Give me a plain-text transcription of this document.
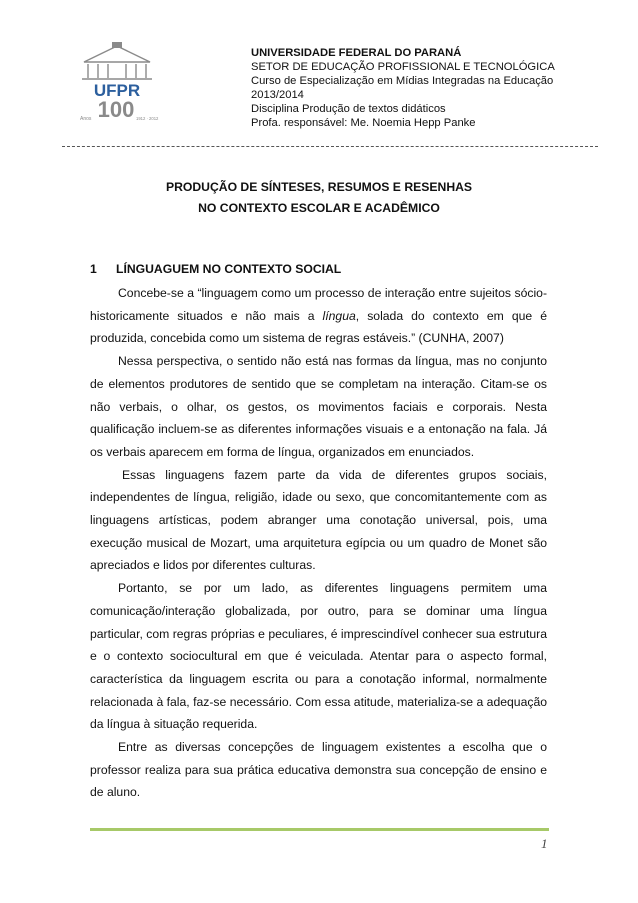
UFPR
100
Anos	1912 · 2012
UNIVERSIDADE FEDERAL DO PARANÁ
SETOR DE EDUCAÇÃO PROFISSIONAL E TECNOLÓGICA
Curso de Especialização em Mídias Integradas na Educação
2013/2014
Disciplina Produção de textos didáticos
Profa. responsável: Me. Noemia Hepp Panke
PRODUÇÃO DE SÍNTESES, RESUMOS E RESENHAS
NO CONTEXTO ESCOLAR E ACADÊMICO
1 LÍNGUAGUEM NO CONTEXTO SOCIAL

Concebe-se a “linguagem como um processo de interação entre sujeitos sócio-historicamente situados e não mais a língua, solada do contexto em que é produzida, concebida como um sistema de regras estáveis.” (CUNHA, 2007)

Nessa perspectiva, o sentido não está nas formas da língua, mas no conjunto de elementos produtores de sentido que se completam na interação. Citam-se os não verbais, o olhar, os gestos, os movimentos faciais e corporais. Nesta qualificação incluem-se as diferentes informações visuais e a entonação na fala. Já os verbais aparecem em forma de língua, organizados em enunciados.

Essas linguagens fazem parte da vida de diferentes grupos sociais, independentes de língua, religião, idade ou sexo, que concomitantemente com as linguagens artísticas, podem abranger uma conotação universal, pois, uma execução musical de Mozart, uma arquitetura egípcia ou um quadro de Monet são apreciados e lidos por diferentes culturas.

Portanto, se por um lado, as diferentes linguagens permitem uma comunicação/interação globalizada, por outro, para se dominar uma língua particular, com regras próprias e peculiares, é imprescindível conhecer sua estrutura e o contexto sociocultural em que é veiculada. Atentar para o aspecto formal, característica da linguagem escrita ou para a conotação informal, normalmente relacionada à fala, faz-se necessário. Com essa atitude, materializa-se a adequação da língua à situação requerida.

Entre as diversas concepções de linguagem existentes a escolha que o professor realiza para sua prática educativa demonstra sua concepção de ensino e de aluno.

1
